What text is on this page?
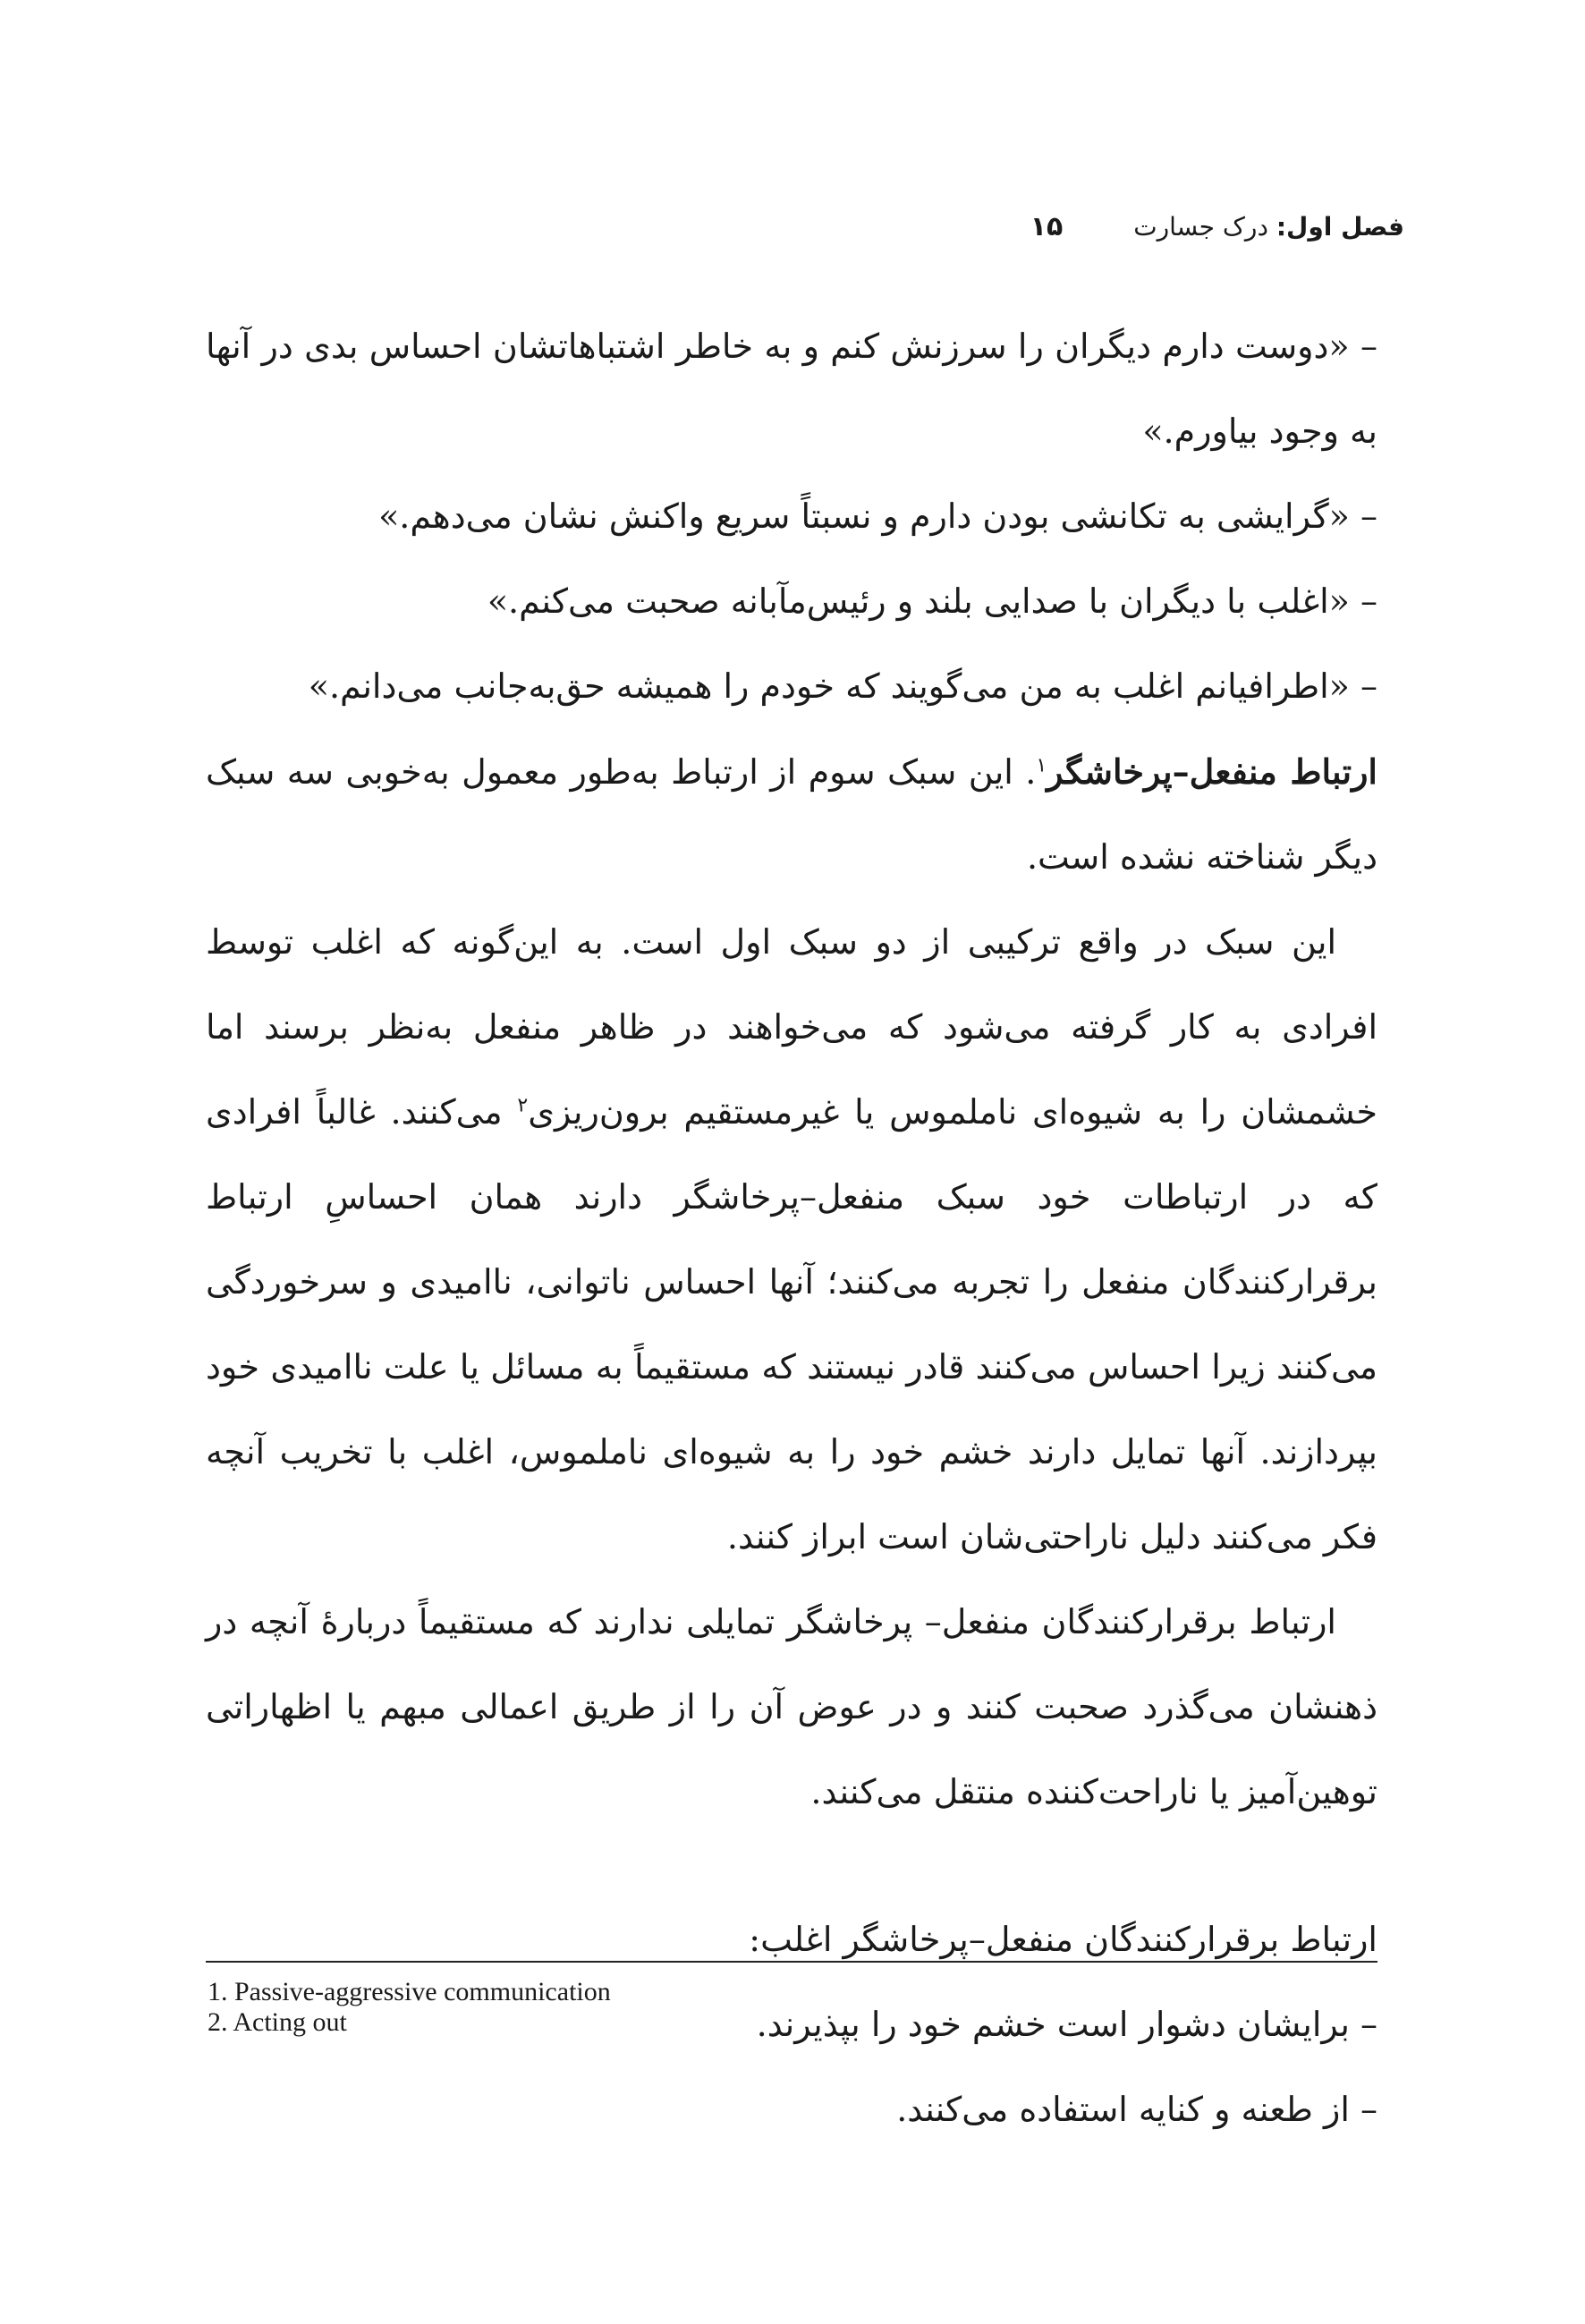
فصل اول: درک جسارت ۱۵

– «دوست دارم دیگران را سرزنش کنم و به خاطر اشتباهاتشان احساس بدی در آنها به وجود بیاورم.»

– «گرایشی به تکانشی بودن دارم و نسبتاً سریع واکنش نشان می‌دهم.»

– «اغلب با دیگران با صدایی بلند و رئیس‌مآبانه صحبت می‌کنم.»

– «اطرافیانم اغلب به من می‌گویند که خودم را همیشه حق‌به‌جانب می‌دانم.»

ارتباط منفعل–پرخاشگر$^۱$. این سبک سوم از ارتباط به‌طور معمول به‌خوبی سه سبک دیگر شناخته نشده است.

این سبک در واقع ترکیبی از دو سبک اول است. به این‌گونه که اغلب توسط افرادی به کار گرفته می‌شود که می‌خواهند در ظاهر منفعل به‌نظر برسند اما خشمشان را به شیوه‌ای ناملموس یا غیرمستقیم برون‌ریزی$^۲$ می‌کنند. غالباً افرادی که در ارتباطات خود سبک منفعل–پرخاشگر دارند همان احساسِ ارتباط برقرارکنندگان منفعل را تجربه می‌کنند؛ آنها احساس ناتوانی، ناامیدی و سرخوردگی می‌کنند زیرا احساس می‌کنند قادر نیستند که مستقیماً به مسائل یا علت ناامیدی خود بپردازند. آنها تمایل دارند خشم خود را به شیوه‌ای ناملموس، اغلب با تخریب آنچه فکر می‌کنند دلیل ناراحتی‌شان است ابراز کنند.

ارتباط برقرارکنندگان منفعل– پرخاشگر تمایلی ندارند که مستقیماً دربارهٔ آنچه در ذهنشان می‌گذرد صحبت کنند و در عوض آن را از طریق اعمالی مبهم یا اظهاراتی توهین‌آمیز یا ناراحت‌کننده منتقل می‌کنند.

ارتباط برقرارکنندگان منفعل–پرخاشگر اغلب:

– برایشان دشوار است خشم خود را بپذیرند.

– از طعنه و کنایه استفاده می‌کنند.

1. Passive-aggressive communication
2. Acting out
